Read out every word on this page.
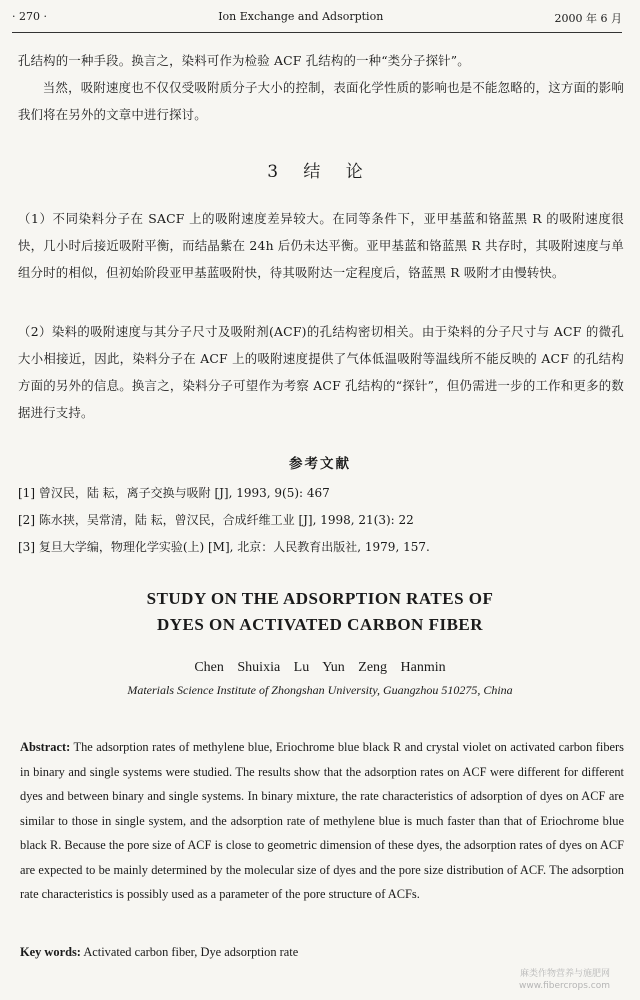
· 270 ·	Ion Exchange and Adsorption	2000 年 6 月
孔结构的一种手段。换言之，染料可作为检验 ACF 孔结构的一种“类分子探针”。
当然，吸附速度也不仅仅受吸附质分子大小的控制，表面化学性质的影响也是不能忽略的，这方面的影响我们将在另外的文章中进行探讨。
3 结 论
（1）不同染料分子在 SACF 上的吸附速度差异较大。在同等条件下，亚甲基蓝和铬蓝黑 R 的吸附速度很快，几小时后接近吸附平衡，而结晶紫在 24h 后仍未达平衡。亚甲基蓝和铬蓝黑 R 共存时，其吸附速度与单组分时的相似，但初始阶段亚甲基蓝吸附快，待其吸附达一定程度后，铬蓝黑 R 吸附才由慢转快。
（2）染料的吸附速度与其分子尺寸及吸附剂(ACF)的孔结构密切相关。由于染料的分子尺寸与 ACF 的微孔大小相接近，因此，染料分子在 ACF 上的吸附速度提供了气体低温吸附等温线所不能反映的 ACF 的孔结构方面的另外的信息。换言之，染料分子可望作为考察 ACF 孔结构的“探针”，但仍需进一步的工作和更多的数据进行支持。
参考文献
[1] 曾汉民，陆 耘，离子交换与吸附 [J], 1993, 9(5): 467
[2] 陈水挟，吴常清，陆 耘，曾汉民，合成纤维工业 [J], 1998, 21(3): 22
[3] 复旦大学编，物理化学实验(上) [M], 北京：人民教育出版社, 1979, 157.
STUDY ON THE ADSORPTION RATES OF
DYES ON ACTIVATED CARBON FIBER
Chen Shuixia Lu Yun Zeng Hanmin
Materials Science Institute of Zhongshan University, Guangzhou 510275, China
Abstract: The adsorption rates of methylene blue, Eriochrome blue black R and crystal violet on activated carbon fibers in binary and single systems were studied. The results show that the adsorption rates on ACF were different for different dyes and between binary and single systems. In binary mixture, the rate characteristics of adsorption of dyes on ACF are similar to those in single system, and the adsorption rate of methylene blue is much faster than that of Eriochrome blue black R. Because the pore size of ACF is close to geometric dimension of these dyes, the adsorption rates of dyes on ACF are expected to be mainly determined by the molecular size of dyes and the pore size distribution of ACF. The adsorption rate characteristics is possibly used as a parameter of the pore structure of ACFs.
Key words: Activated carbon fiber, Dye adsorption rate
麻类作物营养与施肥网
www.fibercrops.com
